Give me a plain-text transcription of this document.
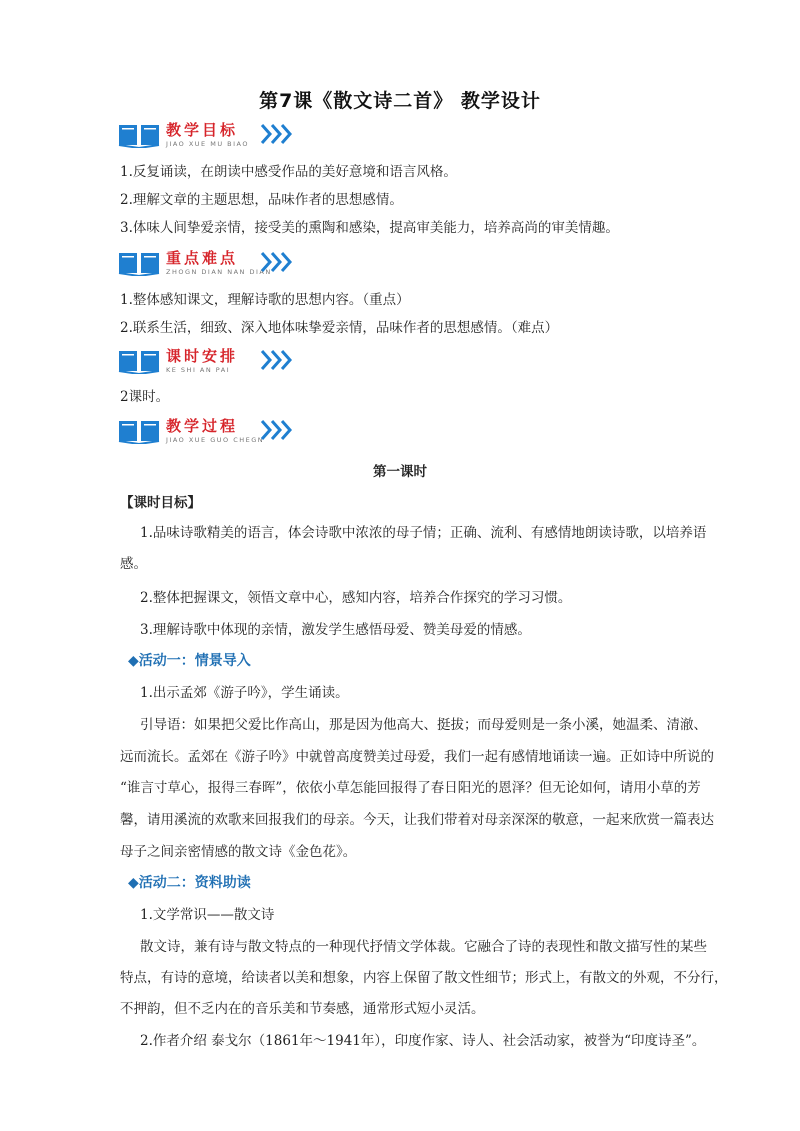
第7课《散文诗二首》 教学设计
教学目标
JIAO XUE MU BIAO
1.反复诵读，在朗读中感受作品的美好意境和语言风格。
2.理解文章的主题思想，品味作者的思想感情。
3.体味人间挚爱亲情，接受美的熏陶和感染，提高审美能力，培养高尚的审美情趣。
重点难点
ZHOGN DIAN NAN DIAN
1.整体感知课文，理解诗歌的思想内容。（重点）
2.联系生活，细致、深入地体味挚爱亲情，品味作者的思想感情。（难点）
课时安排
KE SHI AN PAI
2课时。
教学过程
JIAO XUE GUO CHEGN
第一课时
【课时目标】
1.品味诗歌精美的语言，体会诗歌中浓浓的母子情；正确、流利、有感情地朗读诗歌，以培养语
感。
2.整体把握课文，领悟文章中心，感知内容，培养合作探究的学习习惯。
3.理解诗歌中体现的亲情，激发学生感悟母爱、赞美母爱的情感。
◆活动一：情景导入
1.出示孟郊《游子吟》，学生诵读。
引导语：如果把父爱比作高山，那是因为他高大、挺拔；而母爱则是一条小溪，她温柔、清澈、
远而流长。孟郊在《游子吟》中就曾高度赞美过母爱，我们一起有感情地诵读一遍。正如诗中所说的
“谁言寸草心，报得三春晖”，依依小草怎能回报得了春日阳光的恩泽？但无论如何，请用小草的芳
馨，请用溪流的欢歌来回报我们的母亲。今天，让我们带着对母亲深深的敬意，一起来欣赏一篇表达
母子之间亲密情感的散文诗《金色花》。
◆活动二：资料助读
1.文学常识——散文诗
散文诗，兼有诗与散文特点的一种现代抒情文学体裁。它融合了诗的表现性和散文描写性的某些
特点，有诗的意境，给读者以美和想象，内容上保留了散文性细节；形式上，有散文的外观，不分行，
不押韵，但不乏内在的音乐美和节奏感，通常形式短小灵活。
2.作者介绍 泰戈尔（1861年～1941年），印度作家、诗人、社会活动家，被誉为“印度诗圣”。
